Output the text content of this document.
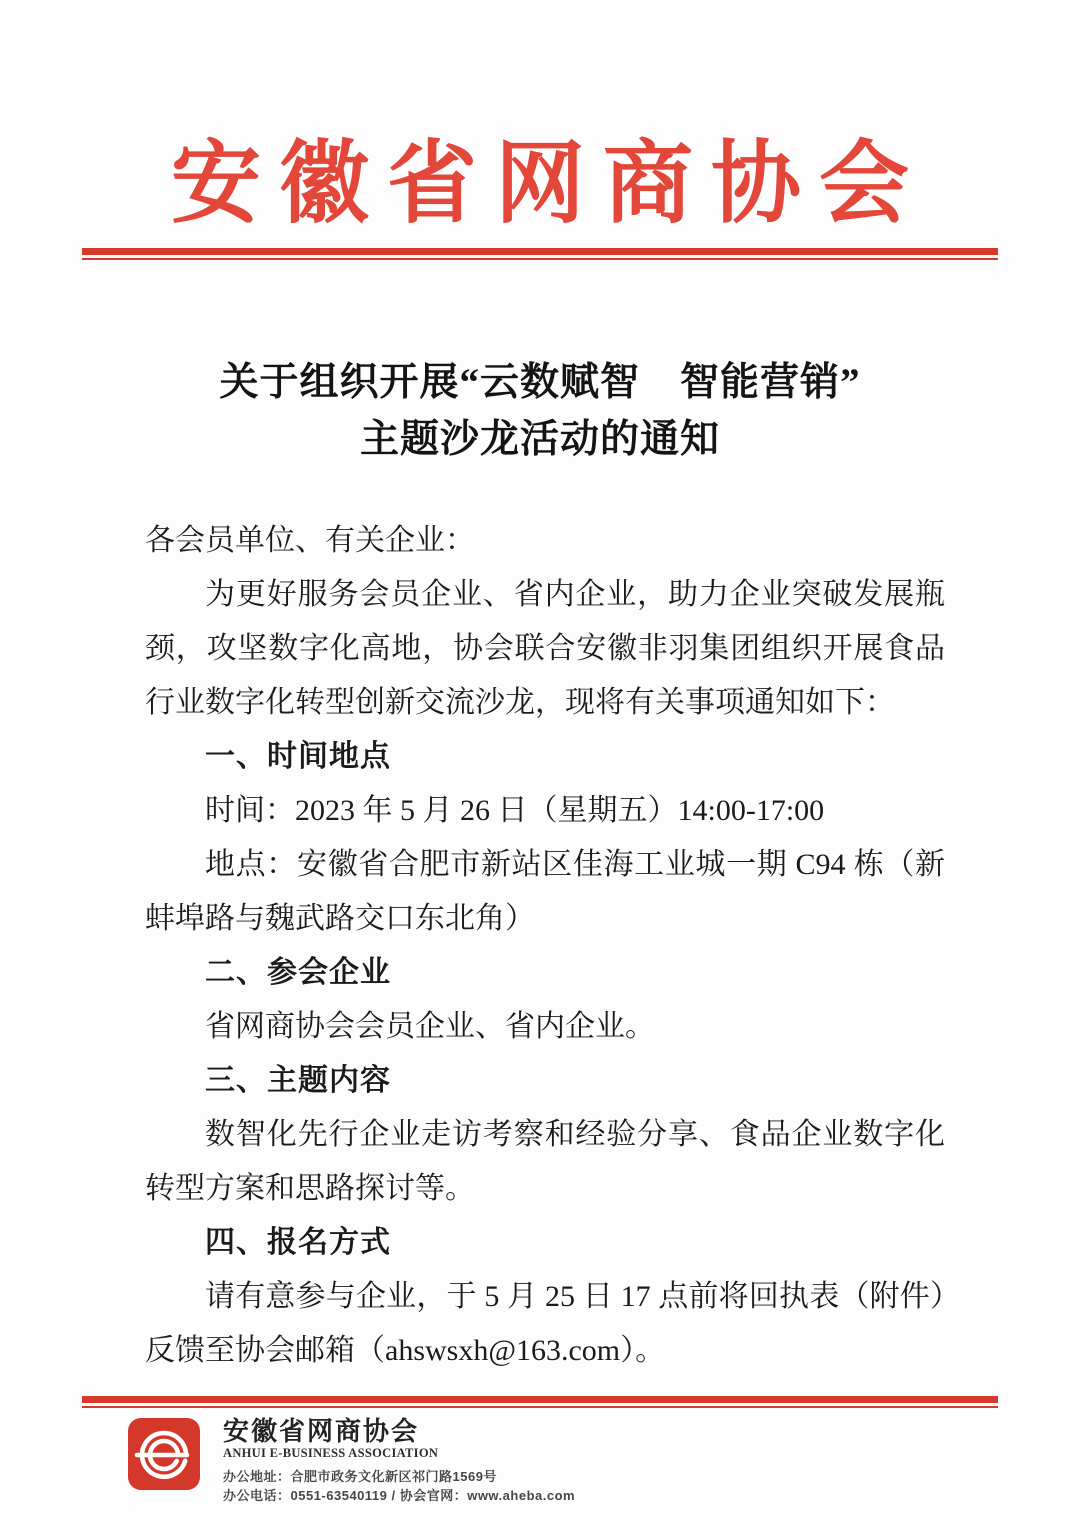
安徽省网商协会
关于组织开展“云数赋智　智能营销”
主题沙龙活动的通知

各会员单位、有关企业：

为更好服务会员企业、省内企业，助力企业突破发展瓶颈，攻坚数字化高地，协会联合安徽非羽集团组织开展食品行业数字化转型创新交流沙龙，现将有关事项通知如下：

一、时间地点

时间：2023 年 5 月 26 日（星期五）14:00-17:00

地点：安徽省合肥市新站区佳海工业城一期 C94 栋（新蚌埠路与魏武路交口东北角）

二、参会企业

省网商协会会员企业、省内企业。

三、主题内容

数智化先行企业走访考察和经验分享、食品企业数字化转型方案和思路探讨等。

四、报名方式

请有意参与企业，于 5 月 25 日 17 点前将回执表（附件）反馈至协会邮箱（ahswsxh@163.com）。

安徽省网商协会
ANHUI E-BUSINESS ASSOCIATION
办公地址：合肥市政务文化新区祁门路1569号
办公电话：0551-63540119 / 协会官网：www.aheba.com
